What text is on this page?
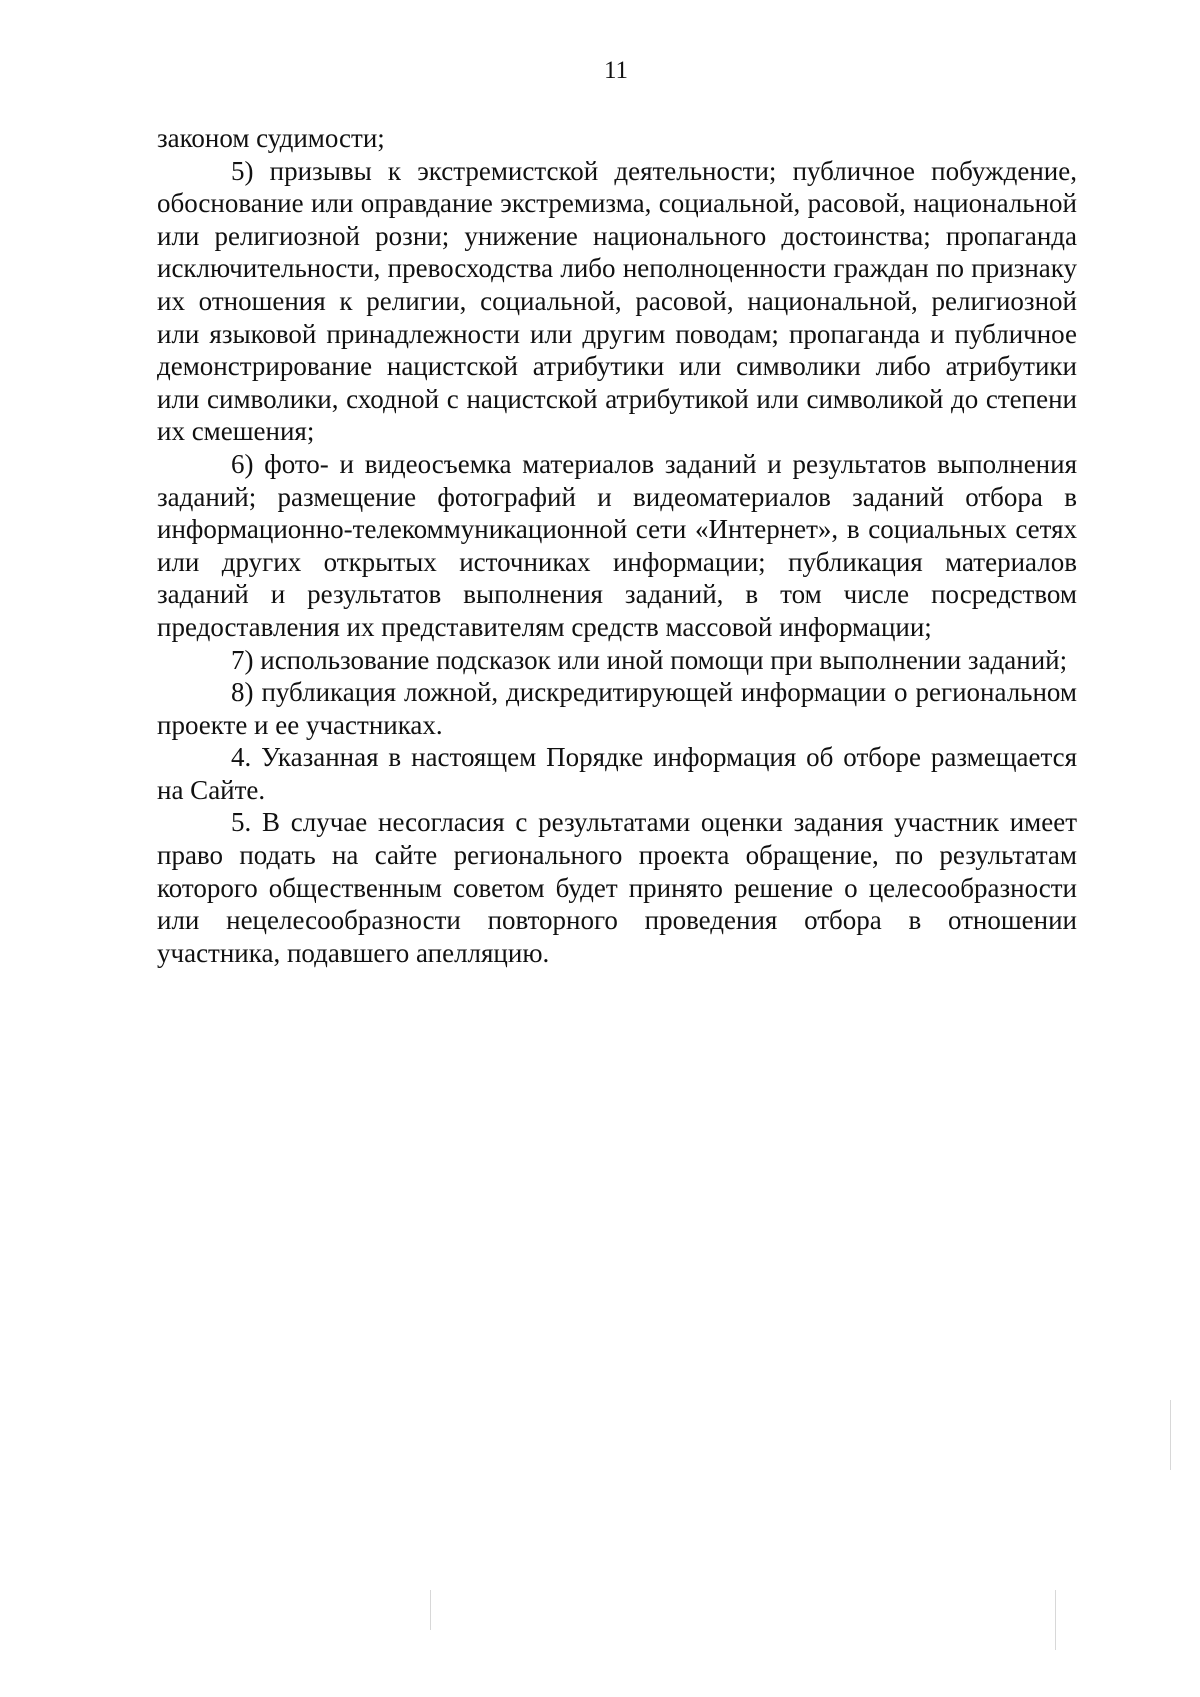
11

законом судимости;

5) призывы к экстремистской деятельности; публичное побуждение, обоснование или оправдание экстремизма, социальной, расовой, национальной или религиозной розни; унижение национального достоинства; пропаганда исключительности, превосходства либо неполноценности граждан по признаку их отношения к религии, социальной, расовой, национальной, религиозной или языковой принадлежности или другим поводам; пропаганда и публичное демонстрирование нацистской атрибутики или символики либо атрибутики или символики, сходной с нацистской атрибутикой или символикой до степени их смешения;

6) фото- и видеосъемка материалов заданий и результатов выполнения заданий; размещение фотографий и видеоматериалов заданий отбора в информационно-телекоммуникационной сети «Интернет», в социальных сетях или других открытых источниках информации; публикация материалов заданий и результатов выполнения заданий, в том числе посредством предоставления их представителям средств массовой информации;

7) использование подсказок или иной помощи при выполнении заданий;

8) публикация ложной, дискредитирующей информации о региональном проекте и ее участниках.

4. Указанная в настоящем Порядке информация об отборе размещается на Сайте.

5. В случае несогласия с результатами оценки задания участник имеет право подать на сайте регионального проекта обращение, по результатам которого общественным советом будет принято решение о целесообразности или нецелесообразности повторного проведения отбора в отношении участника, подавшего апелляцию.
